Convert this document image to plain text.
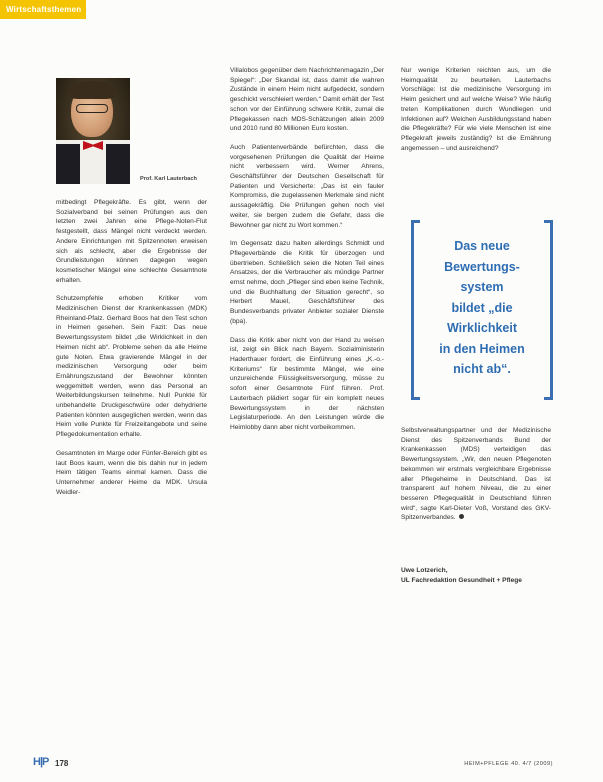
Wirtschaftsthemen
Prof. Karl Lauterbach

mitbedingt Pflegekräfte. Es gibt, wenn der Sozialverband bei seinen Prüfungen aus den letzten zwei Jahren eine Pflege-Noten-Flut festgestellt, dass Mängel nicht verdeckt werden. Andere Einrichtungen mit Spitzennoten erweisen sich als schlecht, aber die Ergebnisse der Grundleistungen können dagegen wegen kosmetischer Mängel eine schlechte Gesamtnote erhalten.

Schutzempfehle erhoben Kritiker vom Medizinischen Dienst der Krankenkassen (MDK) Rheinland-Pfalz. Gerhard Boos hat den Test schon in Heimen gesehen. Sein Fazit: Das neue Bewertungssystem bildet „die Wirklichkeit in den Heimen nicht ab“. Probleme sehen da alle Heime gute Noten. Etwa gravierende Mängel in der medizinischen Versorgung oder beim Ernährungszustand der Bewohner könnten weggemittelt werden, wenn das Personal an Weiterbildungskursen teilnehme. Null Punkte für unbehandelte Druckgeschwüre oder dehydrierte Patienten könnten ausgeglichen werden, wenn das Heim volle Punkte für Freizeitangebote und seine Pflegedokumentation erhalte.

Gesamtnoten im Marge oder Fünfer-Bereich gibt es laut Boos kaum, wenn die bis dahin nur in jedem Heim tätigen Teams einmal kamen. Dass die Unternehmer anderer Heime da MDK. Ursula Weidler-

Villalobos gegenüber dem Nachrichtenmagazin „Der Spiegel“: „Der Skandal ist, dass damit die wahren Zustände in einem Heim nicht aufgedeckt, sondern geschickt verschleiert werden.“ Damit erhält der Test schon vor der Einführung schwere Kritik, zumal die Pflegekassen nach MDS-Schätzungen allein 2009 und 2010 rund 80 Millionen Euro kosten.

Auch Patientenverbände befürchten, dass die vorgesehenen Prüfungen die Qualität der Heime nicht verbessern wird. Werner Ahrens, Geschäftsführer der Deutschen Gesellschaft für Patienten und Versicherte: „Das ist ein fauler Kompromiss, die zugelassenen Merkmale sind nicht aussagekräftig. Die Prüfungen gehen noch viel weiter, sie bergen zudem die Gefahr, dass die Bewohner gar nicht zu Wort kommen.“

Im Gegensatz dazu halten allerdings Schmidt und Pflegeverbände die Kritik für überzogen und übertrieben. Schließlich seien die Noten Teil eines Ansatzes, der die Verbraucher als mündige Partner ernst nehme, doch „Pfleger sind eben keine Technik, und die Buchhaltung der Situation gerecht“, so Herbert Mauel, Geschäftsführer des Bundesverbands privater Anbieter sozialer Dienste (bpa).

Dass die Kritik aber nicht von der Hand zu weisen ist, zeigt ein Blick nach Bayern. Sozialministerin Haderthauer fordert, die Einführung eines „K.-o.-Kriteriums“ für bestimmte Mängel, wie eine unzureichende Flüssigkeitsversorgung, müsse zu sofort einer Gesamtnote Fünf führen. Prof. Lauterbach plädiert sogar für ein komplett neues Bewertungssystem in der nächsten Legislaturperiode. An den Leistungen würde die Heimlobby dann aber nicht vorbeikommen.

Nur wenige Kriterien reichten aus, um die Heimqualität zu beurteilen. Lauterbachs Vorschläge: Ist die medizinische Versorgung im Heim gesichert und auf welche Weise? Wie häufig treten Komplikationen durch Wundliegen und Infektionen auf? Welchen Ausbildungsstand haben die Pflegekräfte? Für wie viele Menschen ist eine Pflegekraft jeweils zuständig? Ist die Ernährung angemessen – und ausreichend?

Das neue
Bewertungs-
system
bildet „die
Wirklichkeit
in den Heimen
nicht ab“.

Selbstverwaltungspartner und der Medizinische Dienst des Spitzenverbands Bund der Krankenkassen (MDS) verteidigen das Bewertungssystem. „Wir, den neuen Pflegenoten bekommen wir erstmals vergleichbare Ergebnisse aller Pflegeheime in Deutschland. Das ist transparent auf hohem Niveau, die zu einer besseren Pflegequalität in Deutschland führen wird“, sagte Karl-Dieter Voß, Vorstand des GKV-Spitzenverbandes.

Uwe Lotzerich,
UL Fachredaktion Gesundheit + Pflege
H|P 178	HEIM+PFLEGE 40. 4/7 (2009)
